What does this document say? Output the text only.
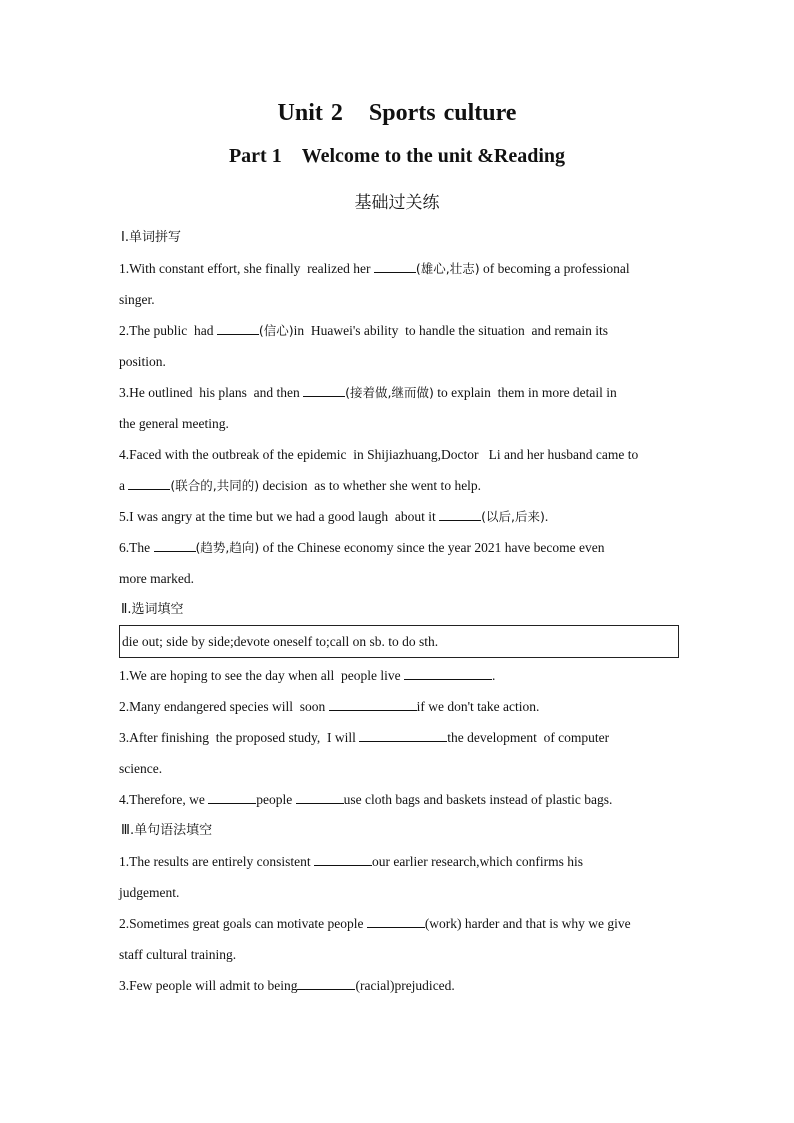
Unit 2 Sports culture
Part 1 Welcome to the unit &Reading
基础过关练
Ⅰ.单词拼写
1.With constant effort, she finally  realized her	(雄心,壮志) of becoming a professional
singer.
2.The public  had	(信心)in  Huawei's ability  to handle the situation  and remain its
position.
3.He outlined  his plans  and then	(接着做,继而做) to explain  them in more detail in
the general meeting.
4.Faced with the outbreak of the epidemic  in Shijiazhuang,Doctor   Li and her husband came to
a	(联合的,共同的) decision  as to whether she went to help.
5.I was angry at the time but we had a good laugh  about it	(以后,后来).
6.The	(趋势,趋向) of the Chinese economy since the year 2021 have become even
more marked.
Ⅱ.选词填空
die out; side by side;devote oneself to;call on sb. to do sth.
1.We are hoping to see the day when all  people live	.
2.Many endangered species will  soon	if we don't take action.
3.After finishing  the proposed study,  I will	the development  of computer
science.
4.Therefore, we	people	use cloth bags and baskets instead of plastic bags.
Ⅲ.单句语法填空
1.The results are entirely consistent	our earlier research,which confirms his
judgement.
2.Sometimes great goals can motivate people	(work) harder and that is why we give
staff cultural training.
3.Few people will admit to being	(racial)prejudiced.
